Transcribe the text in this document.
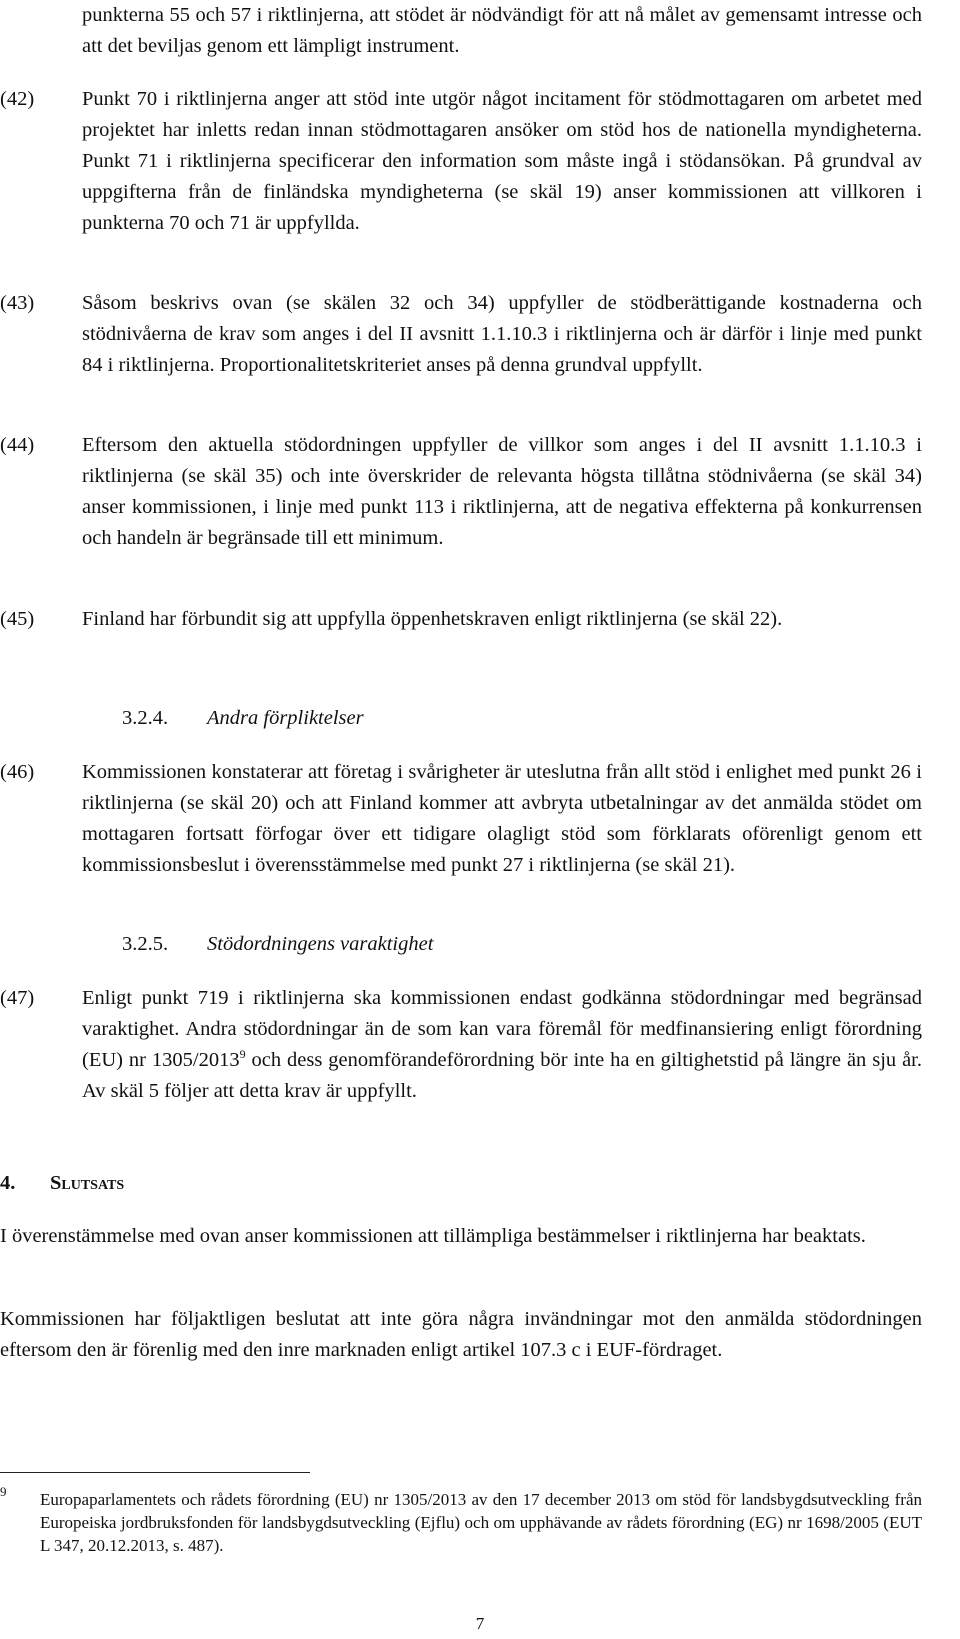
punkterna 55 och 57 i riktlinjerna, att stödet är nödvändigt för att nå målet av gemensamt intresse och att det beviljas genom ett lämpligt instrument.
(42)	Punkt 70 i riktlinjerna anger att stöd inte utgör något incitament för stödmottagaren om arbetet med projektet har inletts redan innan stödmottagaren ansöker om stöd hos de nationella myndigheterna. Punkt 71 i riktlinjerna specificerar den information som måste ingå i stödansökan. På grundval av uppgifterna från de finländska myndigheterna (se skäl 19) anser kommissionen att villkoren i punkterna 70 och 71 är uppfyllda.
(43)	Såsom beskrivs ovan (se skälen 32 och 34) uppfyller de stödberättigande kostnaderna och stödnivåerna de krav som anges i del II avsnitt 1.1.10.3 i riktlinjerna och är därför i linje med punkt 84 i riktlinjerna. Proportionalitetskriteriet anses på denna grundval uppfyllt.
(44)	Eftersom den aktuella stödordningen uppfyller de villkor som anges i del II avsnitt 1.1.10.3 i riktlinjerna (se skäl 35) och inte överskrider de relevanta högsta tillåtna stödnivåerna (se skäl 34) anser kommissionen, i linje med punkt 113 i riktlinjerna, att de negativa effekterna på konkurrensen och handeln är begränsade till ett minimum.
(45)	Finland har förbundit sig att uppfylla öppenhetskraven enligt riktlinjerna (se skäl 22).
3.2.4. Andra förpliktelser
(46)	Kommissionen konstaterar att företag i svårigheter är uteslutna från allt stöd i enlighet med punkt 26 i riktlinjerna (se skäl 20) och att Finland kommer att avbryta utbetalningar av det anmälda stödet om mottagaren fortsatt förfogar över ett tidigare olagligt stöd som förklarats oförenligt genom ett kommissionsbeslut i överensstämmelse med punkt 27 i riktlinjerna (se skäl 21).
3.2.5. Stödordningens varaktighet
(47)	Enligt punkt 719 i riktlinjerna ska kommissionen endast godkänna stödordningar med begränsad varaktighet. Andra stödordningar än de som kan vara föremål för medfinansiering enligt förordning (EU) nr 1305/2013$^9$ och dess genomförandeförordning bör inte ha en giltighetstid på längre än sju år. Av skäl 5 följer att detta krav är uppfyllt.
4. Slutsats
I överenstämmelse med ovan anser kommissionen att tillämpliga bestämmelser i riktlinjerna har beaktats.
Kommissionen har följaktligen beslutat att inte göra några invändningar mot den anmälda stödordningen eftersom den är förenlig med den inre marknaden enligt artikel 107.3 c i EUF-fördraget.
9 Europaparlamentets och rådets förordning (EU) nr 1305/2013 av den 17 december 2013 om stöd för landsbygdsutveckling från Europeiska jordbruksfonden för landsbygdsutveckling (Ejflu) och om upphävande av rådets förordning (EG) nr 1698/2005 (EUT L 347, 20.12.2013, s. 487).
7
